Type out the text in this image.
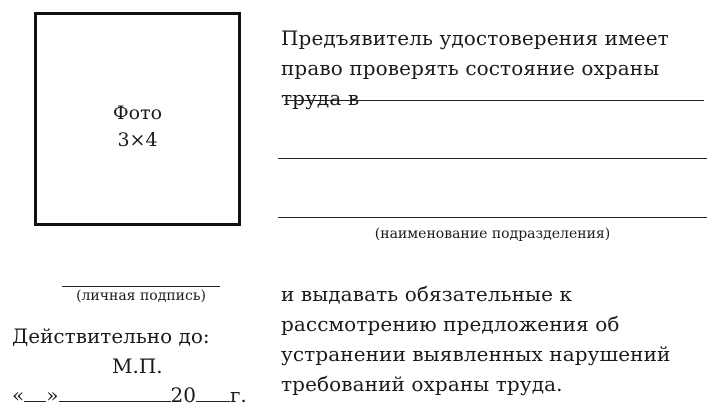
Фото
3×4
Предъявитель удостоверения имеет право проверять состояние охраны труда в
(наименование подразделения)
(личная подпись)	и выдавать обязательные к рассмотрению предложения об устранении выявленных нарушений требований охраны труда.
Действительно до:
М.П.
« »	20 г.
